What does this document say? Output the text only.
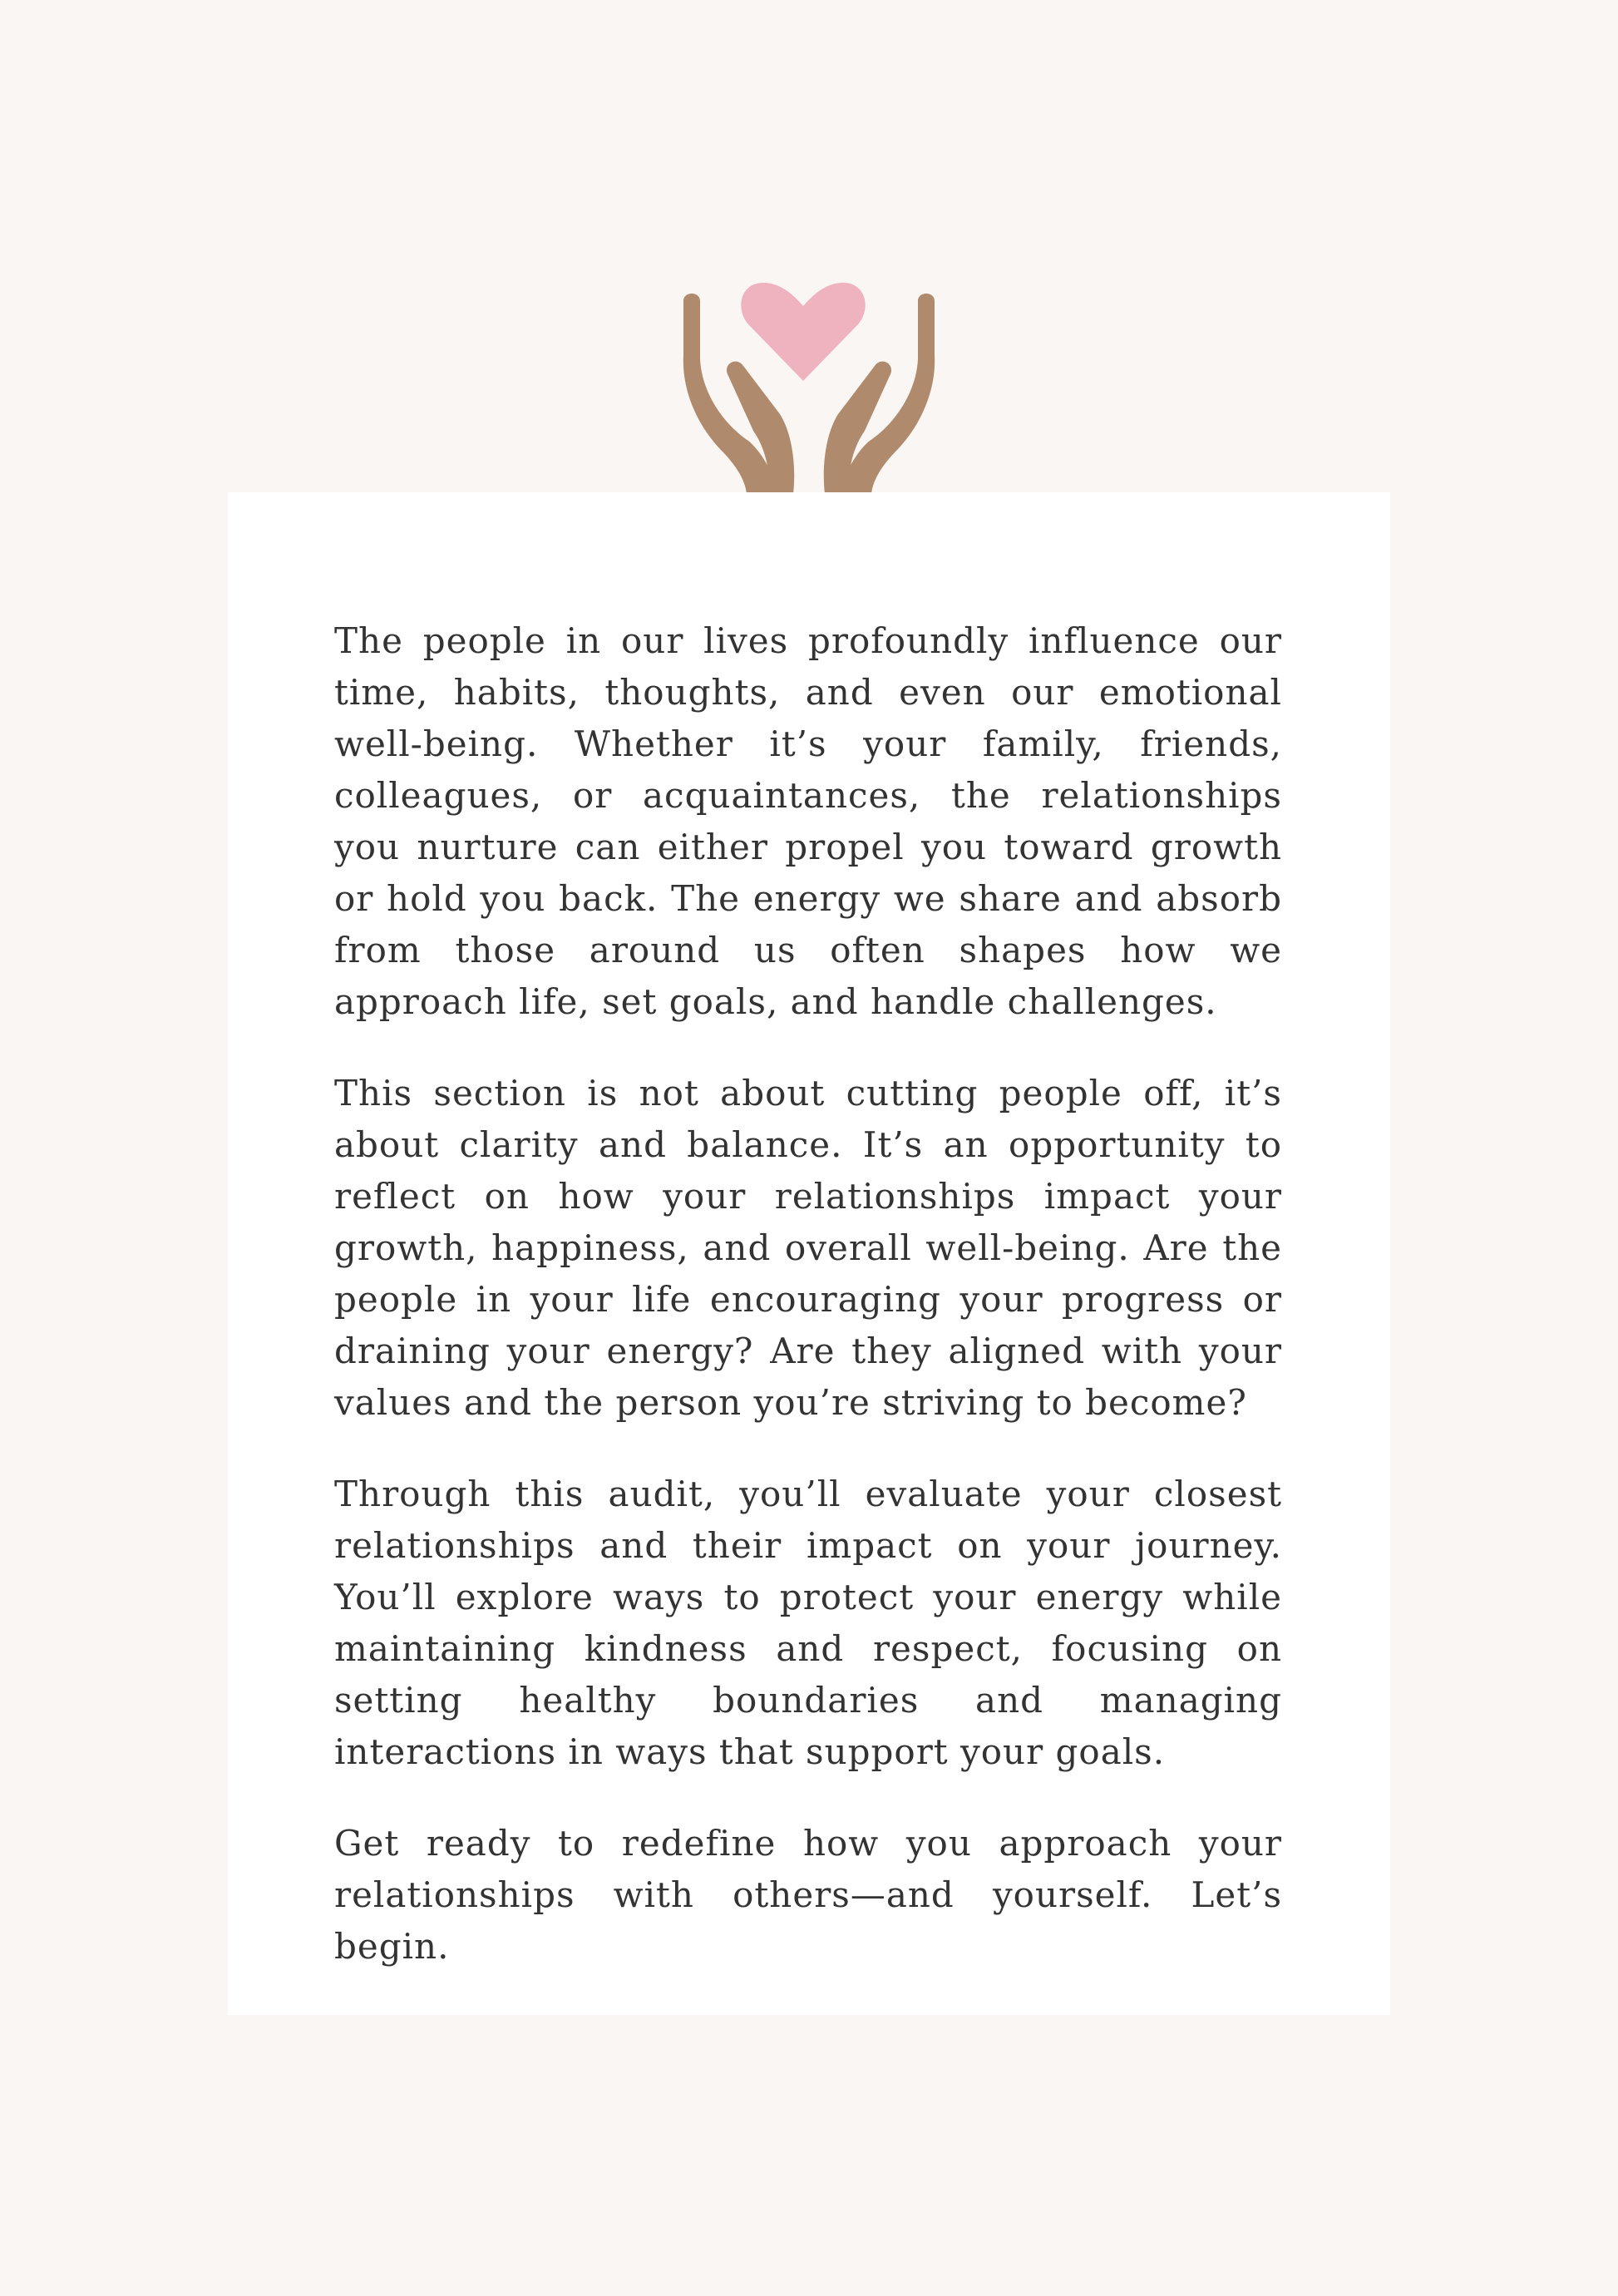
The people in our lives profoundly influence our time, habits, thoughts, and even our emotional well-being. Whether it’s your family, friends, colleagues, or acquaintances, the relationships you nurture can either propel you toward growth or hold you back. The energy we share and absorb from those around us often shapes how we approach life, set goals, and handle challenges.

This section is not about cutting people off, it’s about clarity and balance. It’s an opportunity to reflect on how your relationships impact your growth, happiness, and overall well-being. Are the people in your life encouraging your progress or draining your energy? Are they aligned with your values and the person you’re striving to become?

Through this audit, you’ll evaluate your closest relationships and their impact on your journey. You’ll explore ways to protect your energy while maintaining kindness and respect, focusing on setting healthy boundaries and managing interactions in ways that support your goals.

Get ready to redefine how you approach your relationships with others—and yourself. Let’s begin.
